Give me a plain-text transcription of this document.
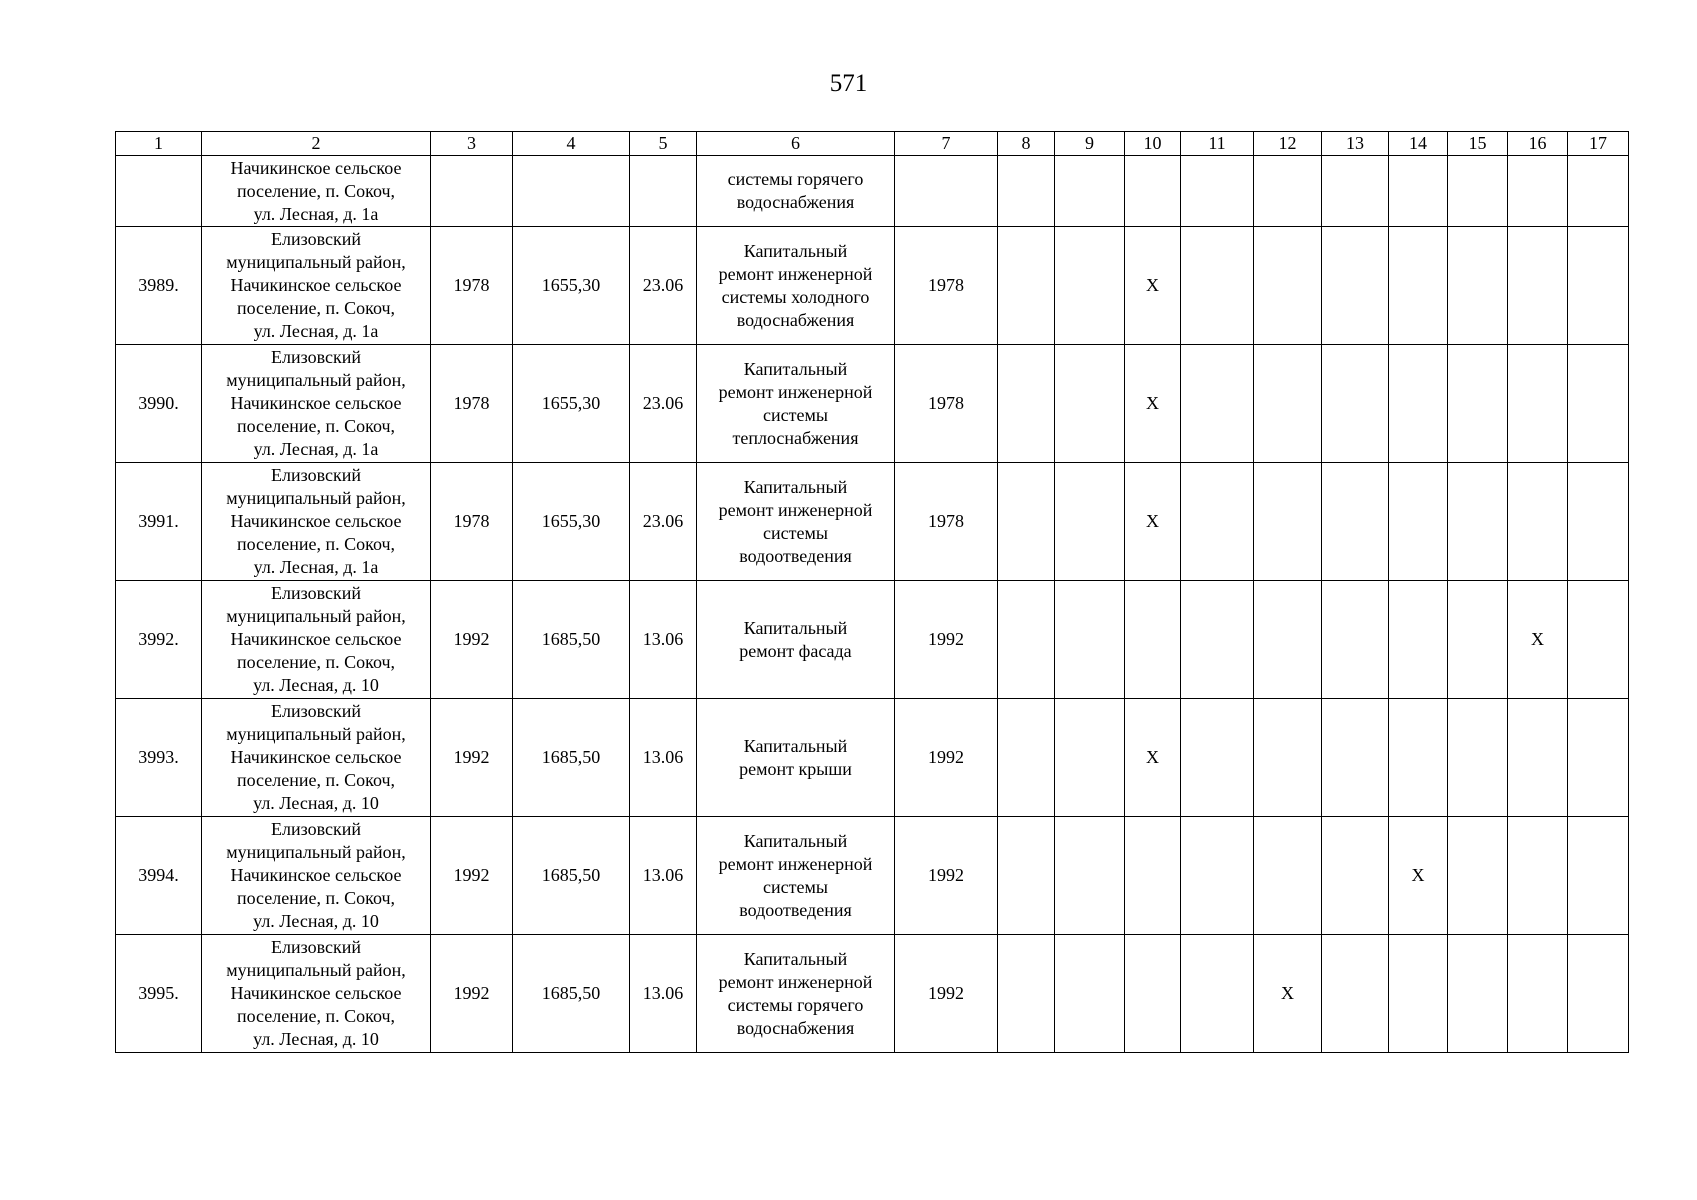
571
1	2	3	4	5	6	7	8	9	10	11	12	13	14	15	16	17
	Начикинское сельское
поселение, п. Сокоч,
ул. Лесная, д. 1а				системы горячего
водоснабжения											
3989.	Елизовский
муниципальный район,
Начикинское сельское
поселение, п. Сокоч,
ул. Лесная, д. 1а	1978	1655,30	23.06	Капитальный
ремонт инженерной
системы холодного
водоснабжения	1978			X							
3990.	Елизовский
муниципальный район,
Начикинское сельское
поселение, п. Сокоч,
ул. Лесная, д. 1а	1978	1655,30	23.06	Капитальный
ремонт инженерной
системы
теплоснабжения	1978			X							
3991.	Елизовский
муниципальный район,
Начикинское сельское
поселение, п. Сокоч,
ул. Лесная, д. 1а	1978	1655,30	23.06	Капитальный
ремонт инженерной
системы
водоотведения	1978			X							
3992.	Елизовский
муниципальный район,
Начикинское сельское
поселение, п. Сокоч,
ул. Лесная, д. 10	1992	1685,50	13.06	Капитальный
ремонт фасада	1992									X	
3993.	Елизовский
муниципальный район,
Начикинское сельское
поселение, п. Сокоч,
ул. Лесная, д. 10	1992	1685,50	13.06	Капитальный
ремонт крыши	1992			X							
3994.	Елизовский
муниципальный район,
Начикинское сельское
поселение, п. Сокоч,
ул. Лесная, д. 10	1992	1685,50	13.06	Капитальный
ремонт инженерной
системы
водоотведения	1992							X			
3995.	Елизовский
муниципальный район,
Начикинское сельское
поселение, п. Сокоч,
ул. Лесная, д. 10	1992	1685,50	13.06	Капитальный
ремонт инженерной
системы горячего
водоснабжения	1992					X					
